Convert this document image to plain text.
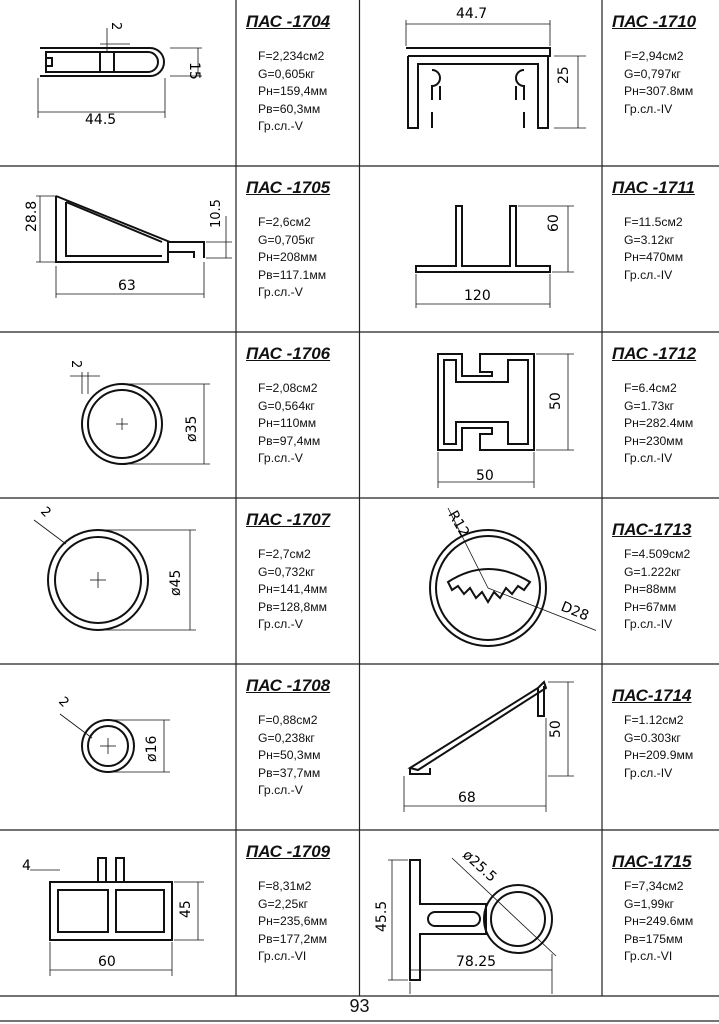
44.5
15
2	ПАС -1704
F=2,234см2
G=0,605кг
Рн=159,4мм
Рв=60,3мм
Гр.сл.-V
44.7
25
ПАС -1710
F=2,94см2
G=0,797кг
Рн=307.8мм
Гр.сл.-IV
28.8	10.5
63
ПАС -1705
F=2,6см2
G=0,705кг
Рн=208мм
Рв=117.1мм
Гр.сл.-V	120
60
ПАС -1711
F=11.5см2
G=3.12кг
Рн=470мм
Гр.сл.-IV
2
ø35
ПАС -1706
F=2,08см2
G=0,564кг
Рн=110мм
Рв=97,4мм
Гр.сл.-V
50
50
ПАС -1712
F=6.4см2
G=1.73кг
Рн=282.4мм
Рн=230мм
Гр.сл.-IV
2
ø45
ПАС -1707
F=2,7см2
G=0,732кг
Рн=141,4мм
Рв=128,8мм
Гр.сл.-V
R12
D28
ПАС-1713
F=4.509см2
G=1.222кг
Рн=88мм
Рн=67мм
Гр.сл.-IV
2
ø16
ПАС -1708
F=0,88см2
G=0,238кг
Рн=50,3мм
Рв=37,7мм
Гр.сл.-V	68
50
ПАС-1714
F=1.12см2
G=0.303кг
Рн=209.9мм
Гр.сл.-IV
4
60
45
ПАС -1709
F=8,31м2
G=2,25кг
Рн=235,6мм
Рв=177,2мм
Гр.сл.-VI
ø25.5
45.5
78.25
ПАС-1715
F=7,34см2
G=1,99кг
Рн=249.6мм
Рв=175мм
Гр.сл.-VI
93
